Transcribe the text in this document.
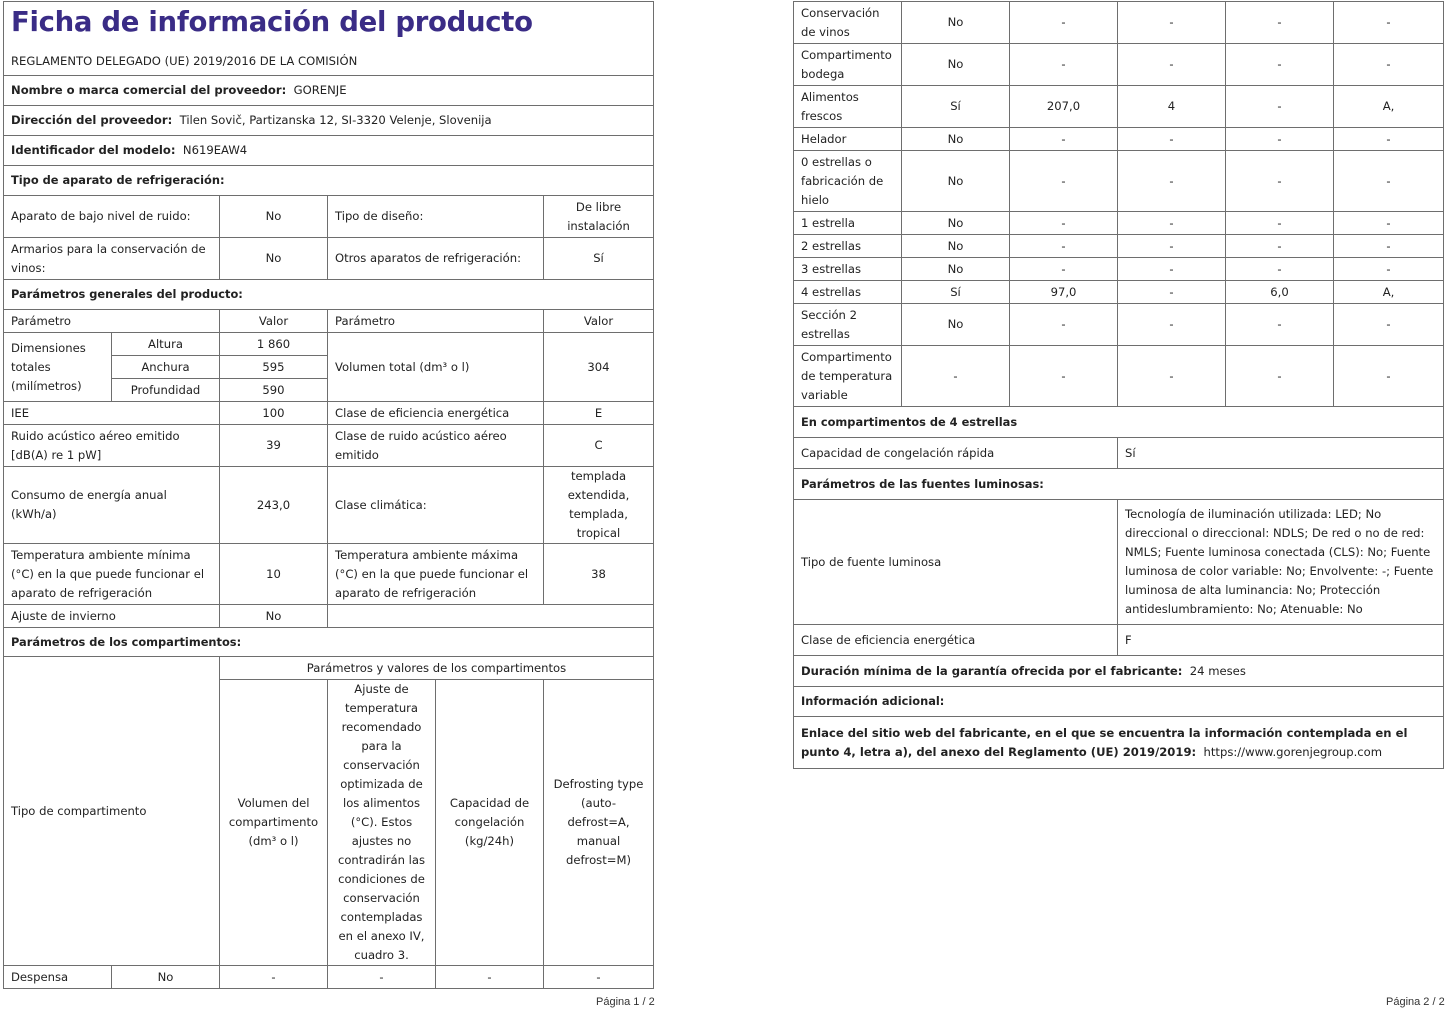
Ficha de información del producto					

REGLAMENTO DELEGADO (UE) 2019/2016 DE LA COMISIÓN					
Nombre o marca comercial del proveedor: GORENJE					
Dirección del proveedor: Tilen Sovič, Partizanska 12, SI-3320 Velenje, Slovenija					
Identificador del modelo: N619EAW4					
Tipo de aparato de refrigeración:					
Aparato de bajo nivel de ruido:		No	Tipo de diseño:		De libre instalación
Armarios para la conservación de vinos:		No	Otros aparatos de refrigeración:		Sí
Parámetros generales del producto:					
Parámetro		Valor	Parámetro		Valor
Dimensiones totales (milímetros)	Altura	1 860	Volumen total (dm³ o l)		304
	Anchura	595			
	Profundidad	590			
IEE		100	Clase de eficiencia energética		E
Ruido acústico aéreo emitido [dB(A) re 1 pW]		39	Clase de ruido acústico aéreo emitido		C
Consumo de energía anual (kWh/a)		243,0	Clase climática:		templada extendida, templada, tropical
Temperatura ambiente mínima (°C) en la que puede funcionar el aparato de refrigeración		10	Temperatura ambiente máxima (°C) en la que puede funcionar el aparato de refrigeración		38
Ajuste de invierno		No			
Parámetros de los compartimentos:					
Tipo de compartimento		Parámetros y valores de los compartimentos			
		Volumen del compartimento (dm³ o l)	Ajuste de temperatura recomendado para la conservación optimizada de los alimentos (°C). Estos ajustes no contradirán las condiciones de conservación contempladas en el anexo IV, cuadro 3.	Capacidad de congelación (kg/24h)	Defrosting type (auto-defrost=A, manual defrost=M)
Despensa	No	-	-	-	-
Conservación de vinos	No	-	-	-	-
Compartimento bodega	No	-	-	-	-
Alimentos frescos	Sí	207,0	4	-	A,
Helador	No	-	-	-	-
0 estrellas o fabricación de hielo	No	-	-	-	-
1 estrella	No	-	-	-	-
2 estrellas	No	-	-	-	-
3 estrellas	No	-	-	-	-
4 estrellas	Sí	97,0	-	6,0	A,
Sección 2 estrellas	No	-	-	-	-
Compartimento de temperatura variable	-	-	-	-	-
En compartimentos de 4 estrellas					
Capacidad de congelación rápida			Sí		
Parámetros de las fuentes luminosas:					
Tipo de fuente luminosa			Tecnología de iluminación utilizada: LED; No direccional o direccional: NDLS; De red o no de red: NMLS; Fuente luminosa conectada (CLS): No; Fuente luminosa de color variable: No; Envolvente: -; Fuente luminosa de alta luminancia: No; Protección antideslumbramiento: No; Atenuable: No		
Clase de eficiencia energética			F		
Duración mínima de la garantía ofrecida por el fabricante: 24 meses					
Información adicional:					
Enlace del sitio web del fabricante, en el que se encuentra la información contemplada en el punto 4, letra a), del anexo del Reglamento (UE) 2019/2019: https://www.gorenjegroup.com					
Página 1 / 2	Página 2 / 2
